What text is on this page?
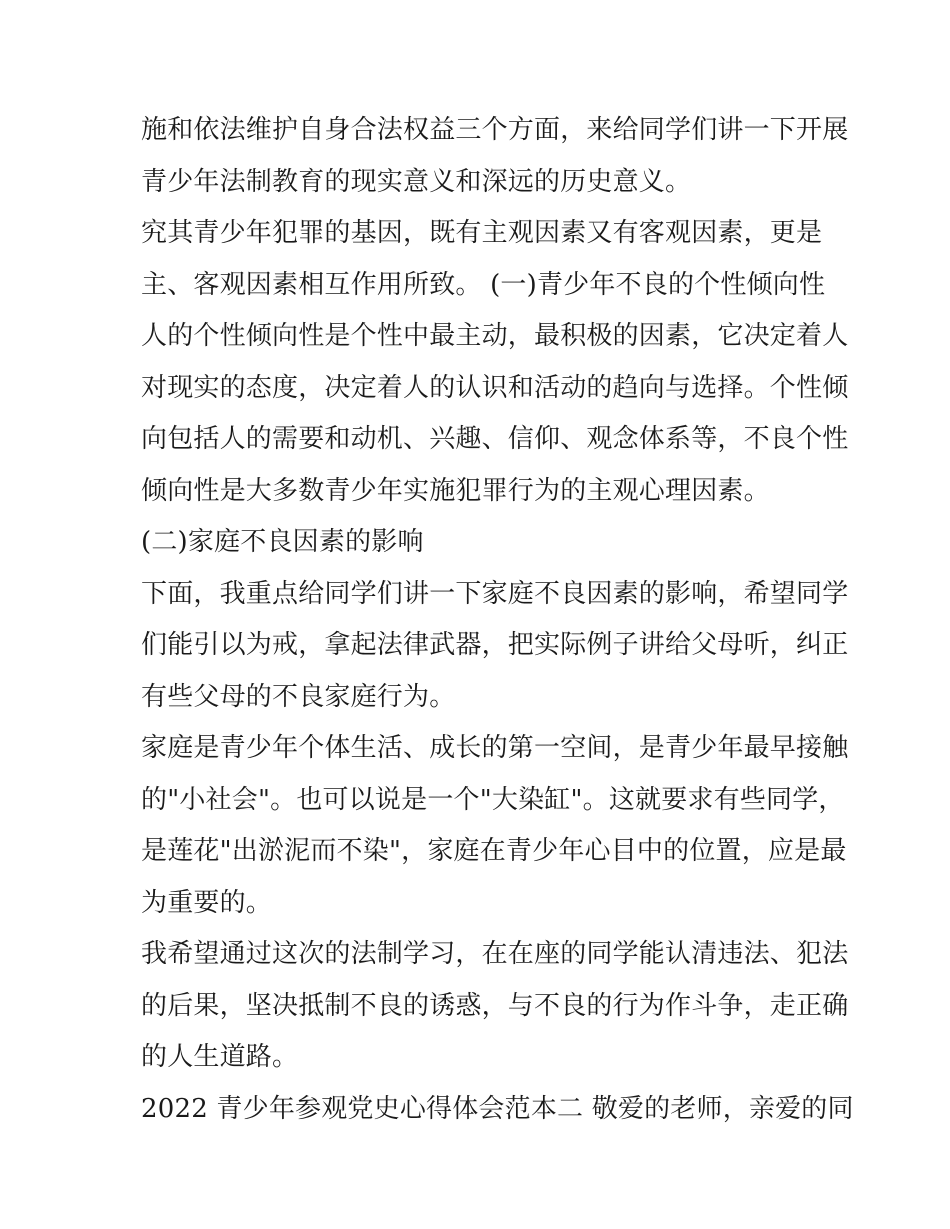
施和依法维护自身合法权益三个方面，来给同学们讲一下开展
青少年法制教育的现实意义和深远的历史意义。
究其青少年犯罪的基因，既有主观因素又有客观因素，更是
主、客观因素相互作用所致。 (一)青少年不良的个性倾向性
人的个性倾向性是个性中最主动，最积极的因素，它决定着人
对现实的态度，决定着人的认识和活动的趋向与选择。个性倾
向包括人的需要和动机、兴趣、信仰、观念体系等，不良个性
倾向性是大多数青少年实施犯罪行为的主观心理因素。
(二)家庭不良因素的影响
下面，我重点给同学们讲一下家庭不良因素的影响，希望同学
们能引以为戒，拿起法律武器，把实际例子讲给父母听，纠正
有些父母的不良家庭行为。
家庭是青少年个体生活、成长的第一空间，是青少年最早接触
的"小社会"。也可以说是一个"大染缸"。这就要求有些同学，
是莲花"出淤泥而不染"，家庭在青少年心目中的位置，应是最
为重要的。
我希望通过这次的法制学习，在在座的同学能认清违法、犯法
的后果，坚决抵制不良的诱惑，与不良的行为作斗争，走正确
的人生道路。
2022 青少年参观党史心得体会范本二 敬爱的老师，亲爱的同
